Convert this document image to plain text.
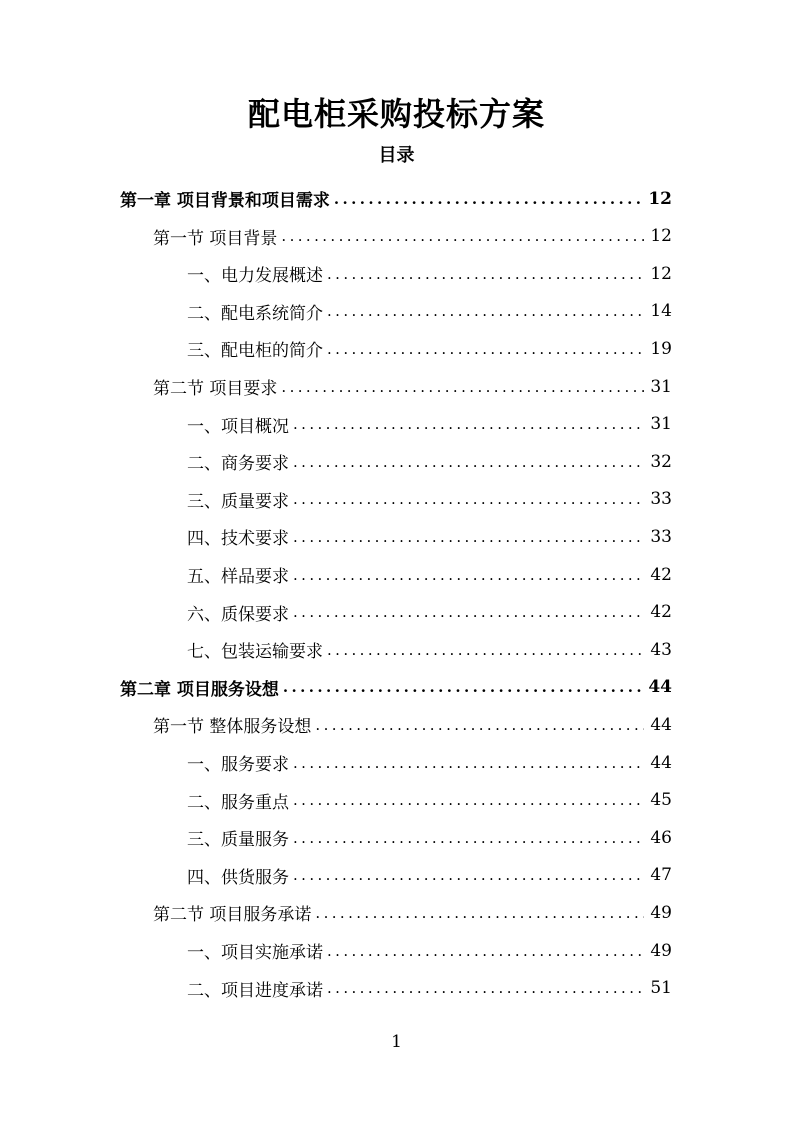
配电柜采购投标方案
目录
第一章 项目背景和项目需求 .....	12
第一节 项目背景 .....	12
一、电力发展概述 .....	12
二、配电系统简介 .....	14
三、配电柜的简介 .....	19
第二节 项目要求 .....	31
一、项目概况 .....	31
二、商务要求 .....	32
三、质量要求 .....	33
四、技术要求 .....	33
五、样品要求 .....	42
六、质保要求 .....	42
七、包装运输要求 .....	43
第二章 项目服务设想 .....	44
第一节 整体服务设想 .....	44
一、服务要求 .....	44
二、服务重点 .....	45
三、质量服务 .....	46
四、供货服务 .....	47
第二节 项目服务承诺 .....	49
一、项目实施承诺 .....	49
二、项目进度承诺 .....	51
1
